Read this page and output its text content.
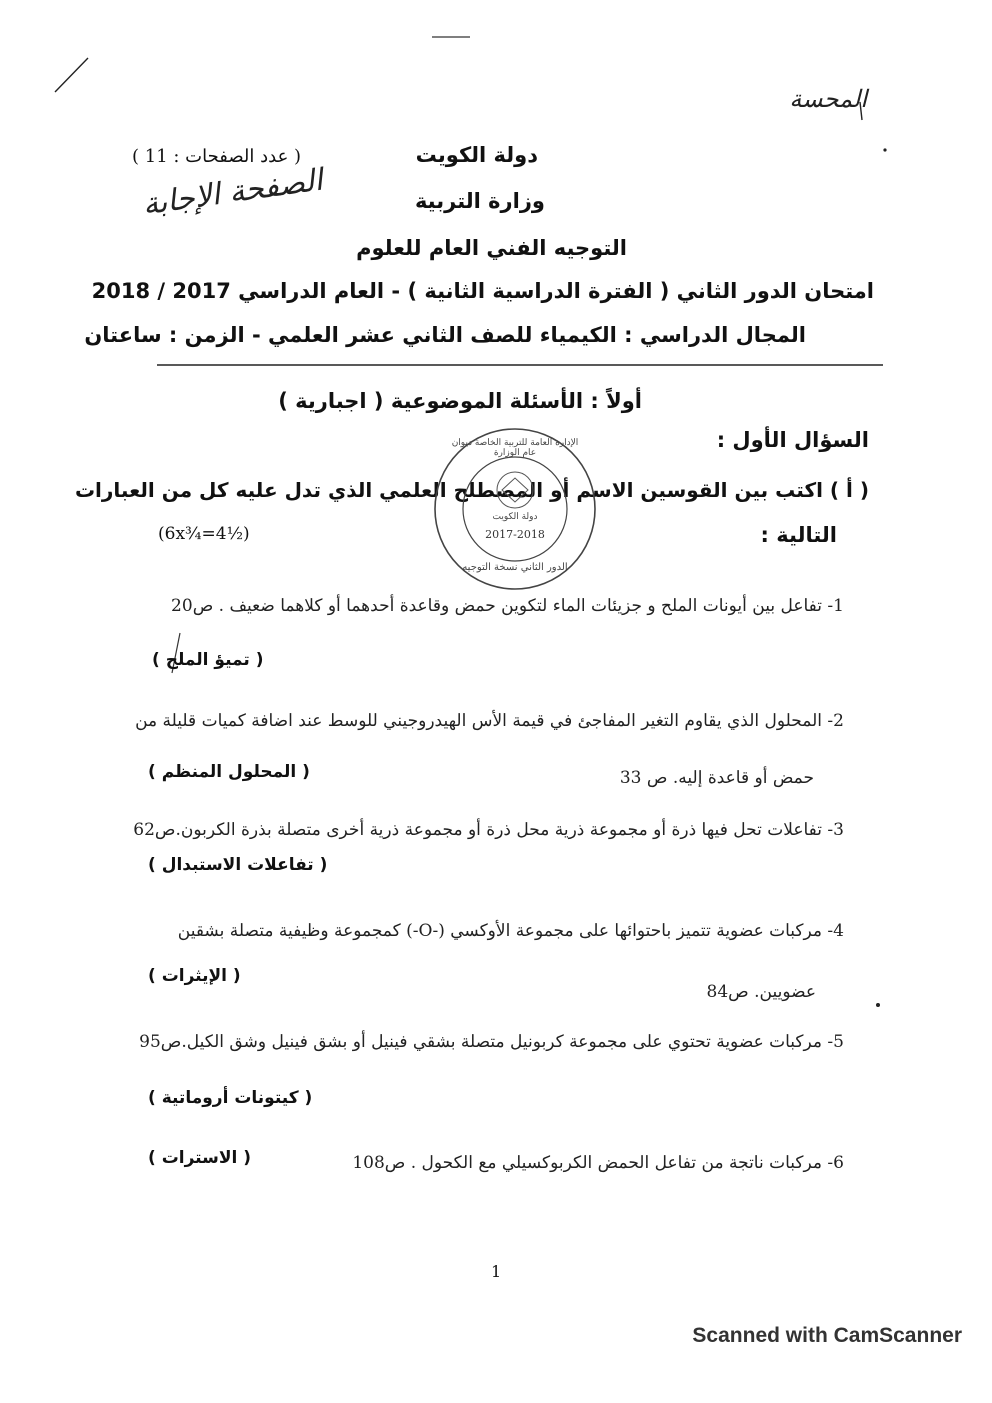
المحسة
دولة الكويت
( عدد الصفحات : 11 )
وزارة التربية
الصفحة الإجابة
التوجيه الفني العام للعلوم
امتحان الدور الثاني ( الفترة الدراسية الثانية ) - العام الدراسي 2017 / 2018
المجال الدراسي : الكيمياء للصف الثاني عشر العلمي - الزمن : ساعتان
أولاً : الأسئلة الموضوعية ( اجبارية )
السؤال الأول :
( أ ) اكتب بين القوسين الاسم أو المصطلح العلمي الذي تدل عليه كل من العبارات
التالية :
(6x¾=4½)
الإدارة العامة للتربية الخاصة ديوان عام الوزارة
دولة الكويت
2017-2018
الدور الثاني نسخة التوجيه
1- تفاعل بين أيونات الملح و جزيئات الماء لتكوين حمض وقاعدة أحدهما أو كلاهما ضعيف . ص20
( تميؤ الملح )
2- المحلول الذي يقاوم التغير المفاجئ في قيمة الأس الهيدروجيني للوسط عند اضافة كميات قليلة من
حمض أو قاعدة إليه. ص 33
( المحلول المنظم )
3- تفاعلات تحل فيها ذرة أو مجموعة ذرية محل ذرة أو مجموعة ذرية أخرى متصلة بذرة الكربون.ص62
( تفاعلات الاستبدال )
4- مركبات عضوية تتميز باحتوائها على مجموعة الأوكسي (-O-) كمجموعة وظيفية متصلة بشقين
عضويين. ص84
( الإيثرات )
5- مركبات عضوية تحتوي على مجموعة كربونيل متصلة بشقي فينيل أو بشق فينيل وشق الكيل.ص95
( كيتونات أروماتية )
6- مركبات ناتجة من تفاعل الحمض الكربوكسيلي مع الكحول . ص108
( الاسترات )
1
Scanned with CamScanner
